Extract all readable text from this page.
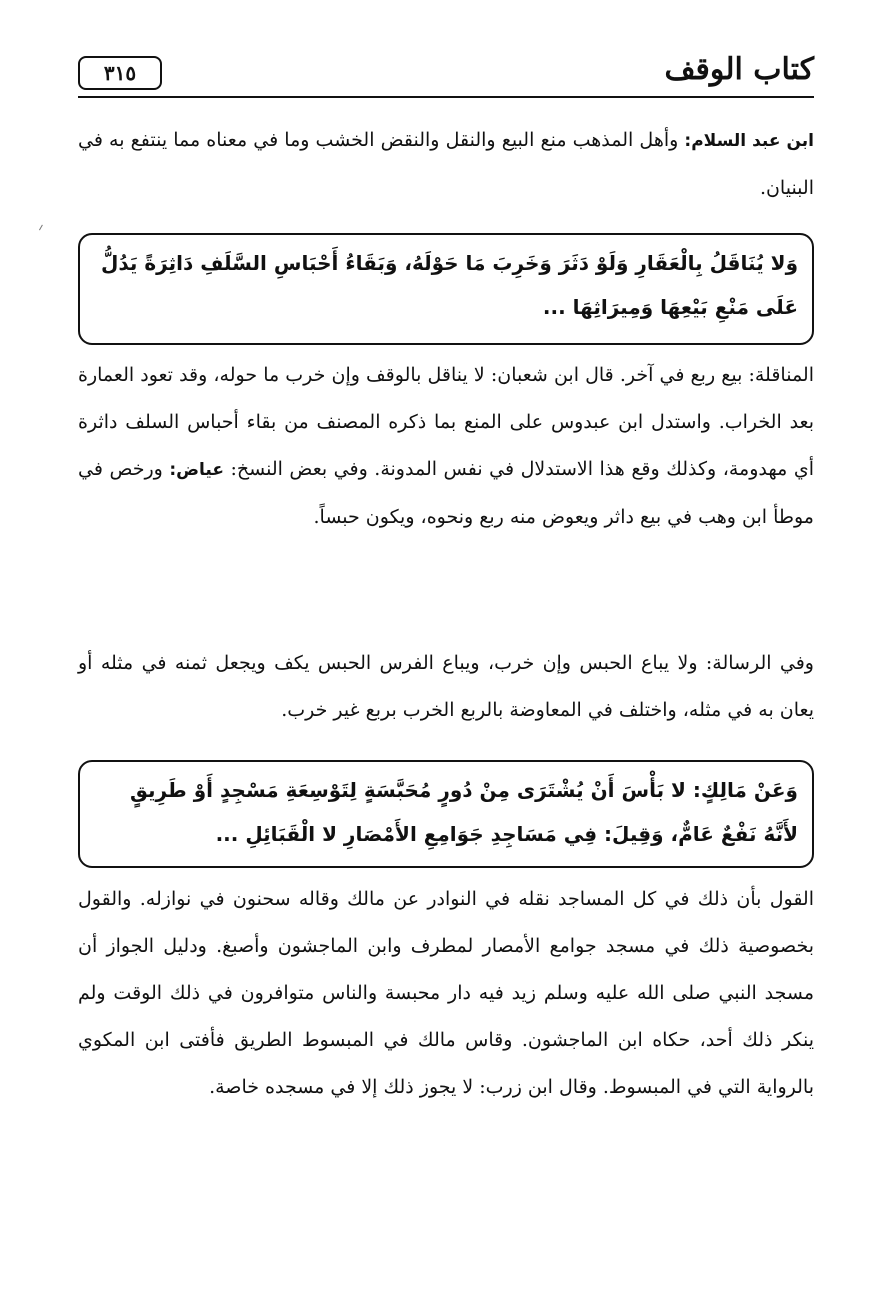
كتاب الوقف
٣١٥
ابن عبد السلام: وأهل المذهب منع البيع والنقل والنقض الخشب وما في معناه مما ينتفع به في البنيان.
وَلا يُنَاقَلُ بِالْعَقَارِ وَلَوْ دَثَرَ وَخَرِبَ مَا حَوْلَهُ، وَبَقَاءُ أَحْبَاسِ السَّلَفِ دَاثِرَةً يَدُلُّ
عَلَى مَنْعِ بَيْعِهَا وَمِيرَاثِهَا ...
المناقلة: بيع ربع في آخر. قال ابن شعبان: لا يناقل بالوقف وإن خرب ما حوله، وقد تعود العمارة بعد الخراب. واستدل ابن عبدوس على المنع بما ذكره المصنف من بقاء أحباس السلف داثرة أي مهدومة، وكذلك وقع هذا الاستدلال في نفس المدونة. وفي بعض النسخ: عياض: ورخص في موطأ ابن وهب في بيع داثر ويعوض منه ربع ونحوه، ويكون حبساً.
وفي الرسالة: ولا يباع الحبس وإن خرب، ويباع الفرس الحبس يكف ويجعل ثمنه في مثله أو يعان به في مثله، واختلف في المعاوضة بالربع الخرب بربع غير خرب.
وَعَنْ مَالِكٍ: لا بَأْسَ أَنْ يُشْتَرَى مِنْ دُورٍ مُحَبَّسَةٍ لِتَوْسِعَةِ مَسْجِدٍ أَوْ طَرِيقٍ
لأَنَّهُ نَفْعٌ عَامٌّ، وَقِيلَ: فِي مَسَاجِدِ جَوَامِعِ الأَمْصَارِ لا الْقَبَائِلِ ...
القول بأن ذلك في كل المساجد نقله في النوادر عن مالك وقاله سحنون في نوازله. والقول بخصوصية ذلك في مسجد جوامع الأمصار لمطرف وابن الماجشون وأصبغ. ودليل الجواز أن مسجد النبي صلى الله عليه وسلم زيد فيه دار محبسة والناس متوافرون في ذلك الوقت ولم ينكر ذلك أحد، حكاه ابن الماجشون. وقاس مالك في المبسوط الطريق فأفتى ابن المكوي بالرواية التي في المبسوط. وقال ابن زرب: لا يجوز ذلك إلا في مسجده خاصة.
